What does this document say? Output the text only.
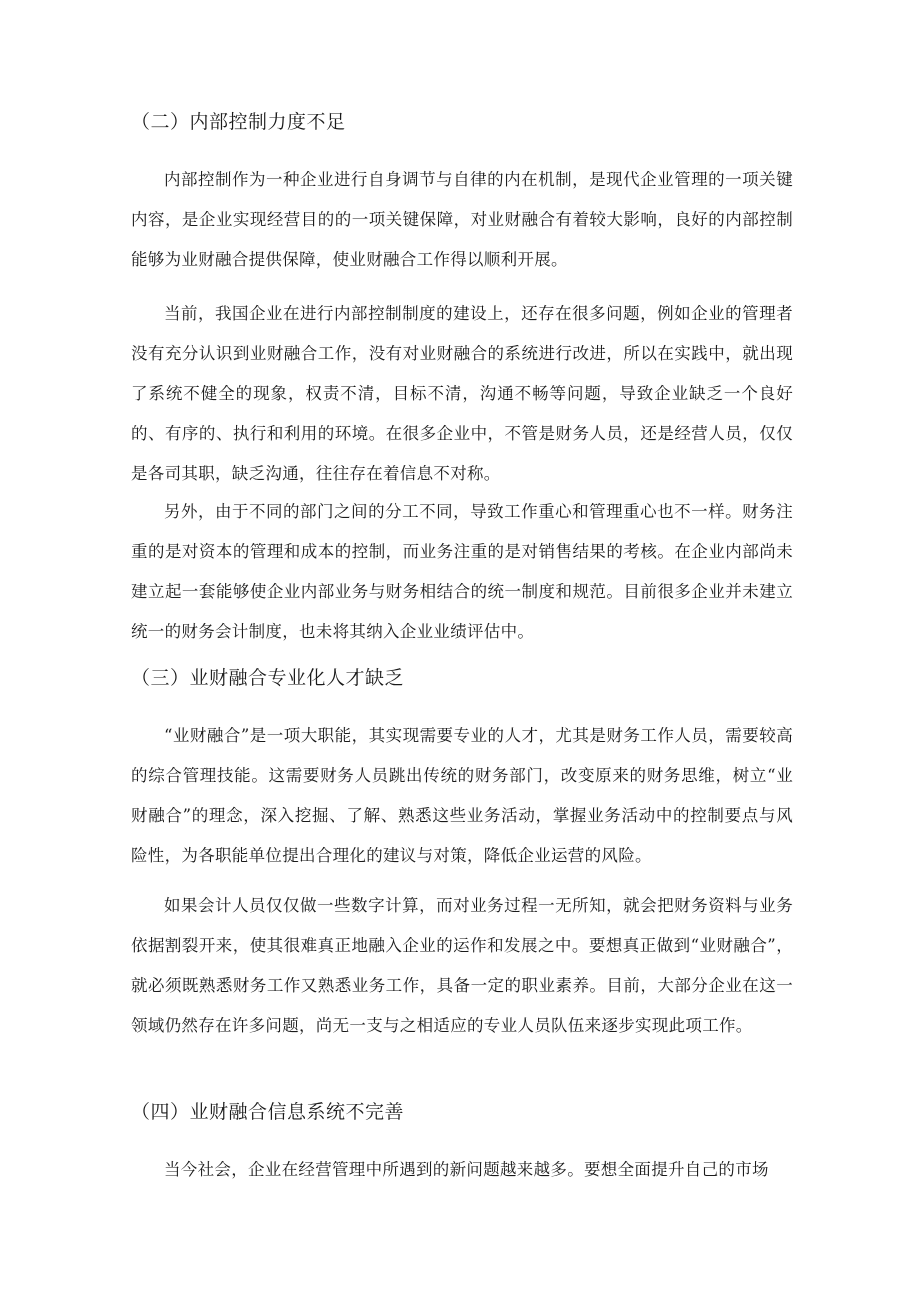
（二）内部控制力度不足
内部控制作为一种企业进行自身调节与自律的内在机制，是现代企业管理的一项关键内容，是企业实现经营目的的一项关键保障，对业财融合有着较大影响，良好的内部控制能够为业财融合提供保障，使业财融合工作得以顺利开展。
当前，我国企业在进行内部控制制度的建设上，还存在很多问题，例如企业的管理者没有充分认识到业财融合工作，没有对业财融合的系统进行改进，所以在实践中，就出现了系统不健全的现象，权责不清，目标不清，沟通不畅等问题，导致企业缺乏一个良好的、有序的、执行和利用的环境。在很多企业中，不管是财务人员，还是经营人员，仅仅是各司其职，缺乏沟通，往往存在着信息不对称。
另外，由于不同的部门之间的分工不同，导致工作重心和管理重心也不一样。财务注重的是对资本的管理和成本的控制，而业务注重的是对销售结果的考核。在企业内部尚未建立起一套能够使企业内部业务与财务相结合的统一制度和规范。目前很多企业并未建立统一的财务会计制度，也未将其纳入企业业绩评估中。
（三）业财融合专业化人才缺乏
“业财融合”是一项大职能，其实现需要专业的人才，尤其是财务工作人员，需要较高的综合管理技能。这需要财务人员跳出传统的财务部门，改变原来的财务思维，树立“业财融合”的理念，深入挖掘、了解、熟悉这些业务活动，掌握业务活动中的控制要点与风险性，为各职能单位提出合理化的建议与对策，降低企业运营的风险。
如果会计人员仅仅做一些数字计算，而对业务过程一无所知，就会把财务资料与业务依据割裂开来，使其很难真正地融入企业的运作和发展之中。要想真正做到“业财融合”，就必须既熟悉财务工作又熟悉业务工作，具备一定的职业素养。目前，大部分企业在这一领域仍然存在许多问题，尚无一支与之相适应的专业人员队伍来逐步实现此项工作。
（四）业财融合信息系统不完善
当今社会，企业在经营管理中所遇到的新问题越来越多。要想全面提升自己的市场
